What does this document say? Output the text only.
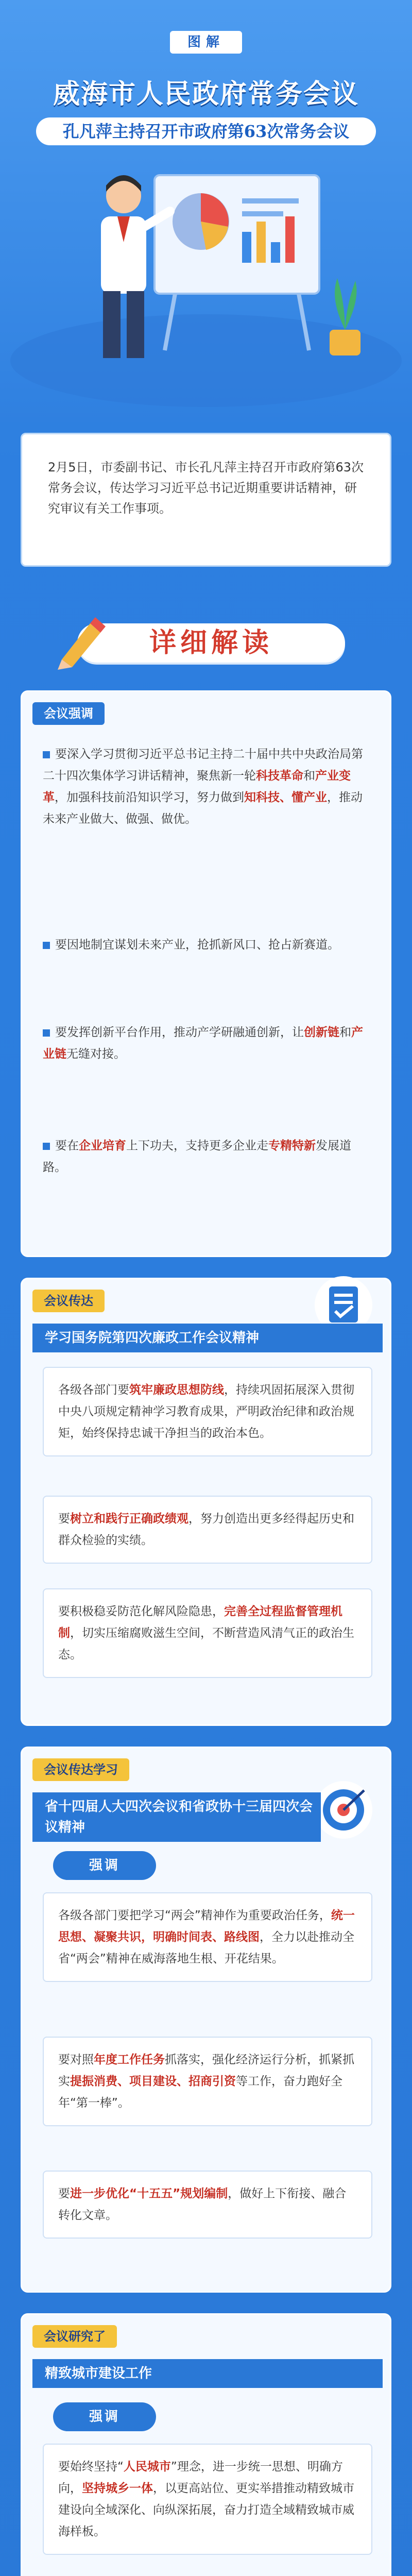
图解
威海市人民政府常务会议
孔凡萍主持召开市政府第63次常务会议
2月5日，市委副书记、市长孔凡萍主持召开市政府第63次常务会议，传达学习习近平总书记近期重要讲话精神，研究审议有关工作事项。
详细解读
会议强调
要深入学习贯彻习近平总书记主持二十届中共中央政治局第二十四次集体学习讲话精神，聚焦新一轮科技革命和产业变革，加强科技前沿知识学习，努力做到知科技、懂产业，推动未来产业做大、做强、做优。
要因地制宜谋划未来产业，抢抓新风口、抢占新赛道。
要发挥创新平台作用，推动产学研融通创新，让创新链和产业链无缝对接。
要在企业培育上下功夫，支持更多企业走专精特新发展道路。
会议传达
学习国务院第四次廉政工作会议精神
各级各部门要筑牢廉政思想防线，持续巩固拓展深入贯彻中央八项规定精神学习教育成果，严明政治纪律和政治规矩，始终保持忠诚干净担当的政治本色。
要树立和践行正确政绩观，努力创造出更多经得起历史和群众检验的实绩。
要积极稳妥防范化解风险隐患，完善全过程监督管理机制，切实压缩腐败滋生空间，不断营造风清气正的政治生态。
会议传达学习
省十四届人大四次会议和省政协十三届四次会议精神
强调
各级各部门要把学习“两会”精神作为重要政治任务，统一思想、凝聚共识，明确时间表、路线图，全力以赴推动全省“两会”精神在威海落地生根、开花结果。
要对照年度工作任务抓落实，强化经济运行分析，抓紧抓实提振消费、项目建设、招商引资等工作，奋力跑好全年“第一棒”。
要进一步优化“十五五”规划编制，做好上下衔接、融合转化文章。
会议研究了
精致城市建设工作
强调
要始终坚持“人民城市”理念，进一步统一思想、明确方向，坚持城乡一体，以更高站位、更实举措推动精致城市建设向全域深化、向纵深拓展，奋力打造全域精致城市威海样板。
